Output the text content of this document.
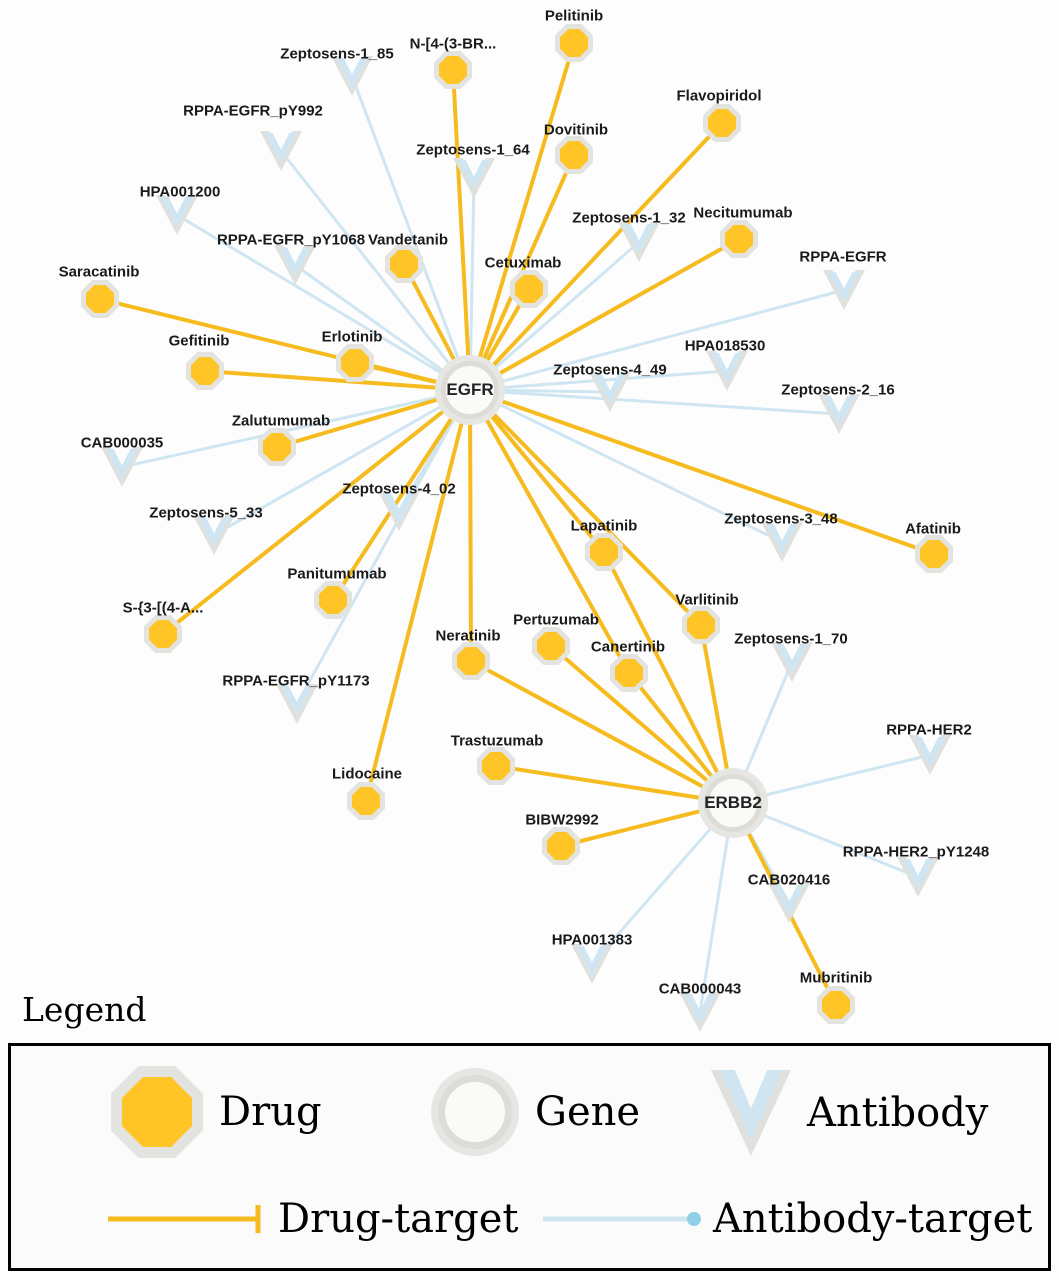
Pelitinib
N-[4-(3-BR...
Flavopiridol
Dovitinib
Necitumumab
Vandetanib
Cetuximab
Saracatinib
Erlotinib
Gefitinib
Zalutumumab
Lapatinib	Afatinib
Varlitinib
Panitumumab
S-{3-[(4-A...
Pertuzumab
Neratinib
Canertinib
Trastuzumab
Lidocaine
BIBW2992
Mubritinib
Zeptosens-1_85
RPPA-EGFR_pY992
Zeptosens-1_64
HPA001200
Zeptosens-1_32
RPPA-EGFR_pY1068
RPPA-EGFR
HPA018530
Zeptosens-4_49
Zeptosens-2_16
CAB000035
Zeptosens-4_02
Zeptosens-5_33	Zeptosens-3_48
Zeptosens-1_70
RPPA-EGFR_pY1173
RPPA-HER2
RPPA-HER2_pY1248
CAB020416
HPA001383
CAB000043
EGFR
ERBB2
Legend
Drug	Gene	Antibody
Drug-target	Antibody-target
